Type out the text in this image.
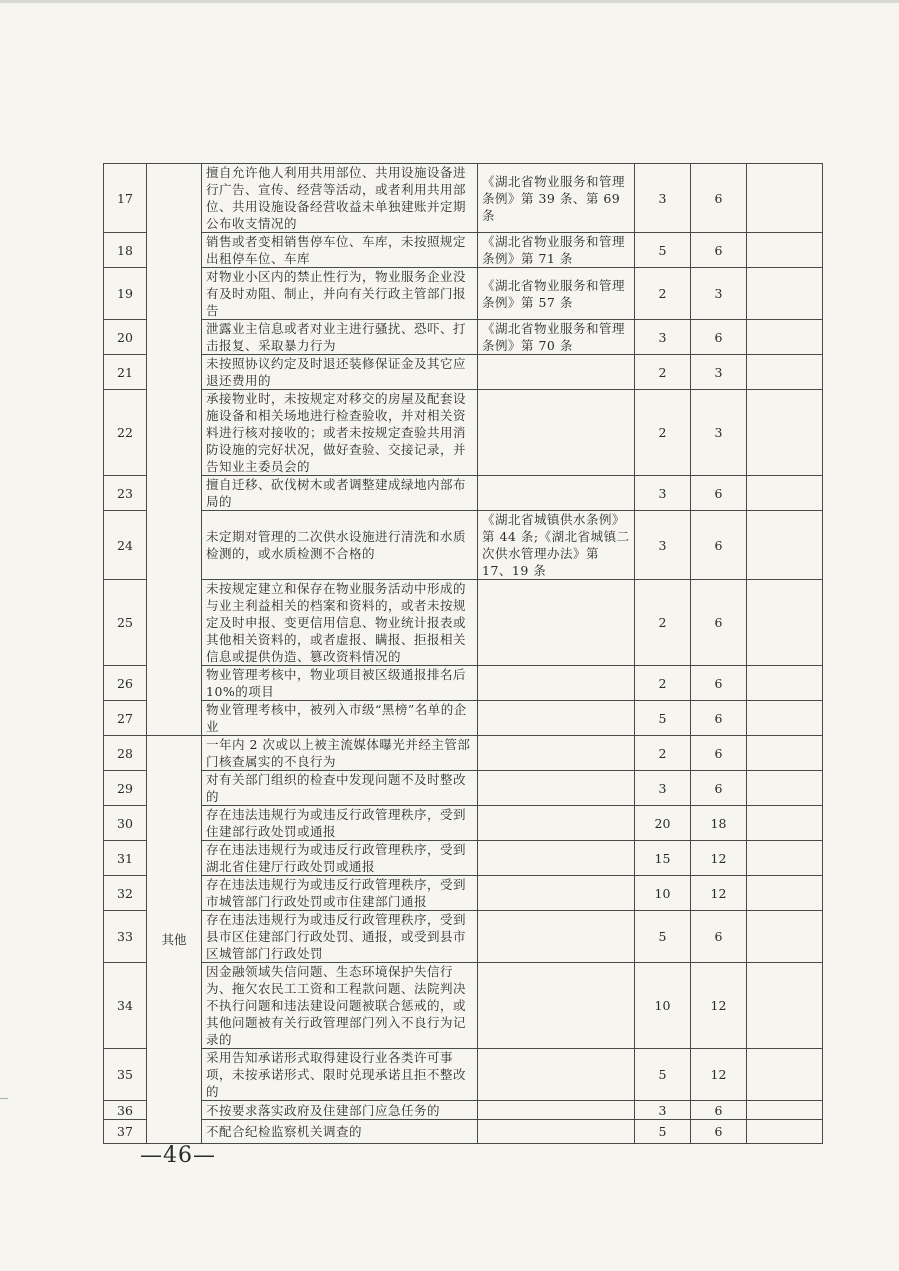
17		擅自允许他人利用共用部位、共用设施设备进行广告、宣传、经营等活动，或者利用共用部位、共用设施设备经营收益未单独建账并定期公布收支情况的	《湖北省物业服务和管理条例》第 39 条、第 69 条	3	6	
18		销售或者变相销售停车位、车库，未按照规定出租停车位、车库	《湖北省物业服务和管理条例》第 71 条	5	6	
19		对物业小区内的禁止性行为，物业服务企业没有及时劝阻、制止，并向有关行政主管部门报告	《湖北省物业服务和管理条例》第 57 条	2	3	
20		泄露业主信息或者对业主进行骚扰、恐吓、打击报复、采取暴力行为	《湖北省物业服务和管理条例》第 70 条	3	6	
21		未按照协议约定及时退还装修保证金及其它应退还费用的		2	3	
22		承接物业时，未按规定对移交的房屋及配套设施设备和相关场地进行检查验收，并对相关资料进行核对接收的；或者未按规定查验共用消防设施的完好状况，做好查验、交接记录，并告知业主委员会的		2	3	
23		擅自迁移、砍伐树木或者调整建成绿地内部布局的		3	6	
24		未定期对管理的二次供水设施进行清洗和水质检测的，或水质检测不合格的	《湖北省城镇供水条例》第 44 条;《湖北省城镇二次供水管理办法》第 17、19 条	3	6	
25		未按规定建立和保存在物业服务活动中形成的与业主利益相关的档案和资料的，或者未按规定及时申报、变更信用信息、物业统计报表或其他相关资料的，或者虚报、瞒报、拒报相关信息或提供伪造、篡改资料情况的		2	6	
26		物业管理考核中，物业项目被区级通报排名后 10%的项目		2	6	
27		物业管理考核中，被列入市级“黑榜”名单的企业		5	6	
28	其他	一年内 2 次或以上被主流媒体曝光并经主管部门核查属实的不良行为		2	6	
29		对有关部门组织的检查中发现问题不及时整改的		3	6	
30		存在违法违规行为或违反行政管理秩序，受到住建部行政处罚或通报		20	18	
31		存在违法违规行为或违反行政管理秩序，受到湖北省住建厅行政处罚或通报		15	12	
32		存在违法违规行为或违反行政管理秩序，受到市城管部门行政处罚或市住建部门通报		10	12	
33		存在违法违规行为或违反行政管理秩序，受到县市区住建部门行政处罚、通报，或受到县市区城管部门行政处罚		5	6	
34		因金融领域失信问题、生态环境保护失信行为、拖欠农民工工资和工程款问题、法院判决不执行问题和违法建设问题被联合惩戒的，或其他问题被有关行政管理部门列入不良行为记录的		10	12	
35		采用告知承诺形式取得建设行业各类许可事项，未按承诺形式、限时兑现承诺且拒不整改的		5	12	
36		不按要求落实政府及住建部门应急任务的		3	6	
37		不配合纪检监察机关调查的		5	6	
—46—
